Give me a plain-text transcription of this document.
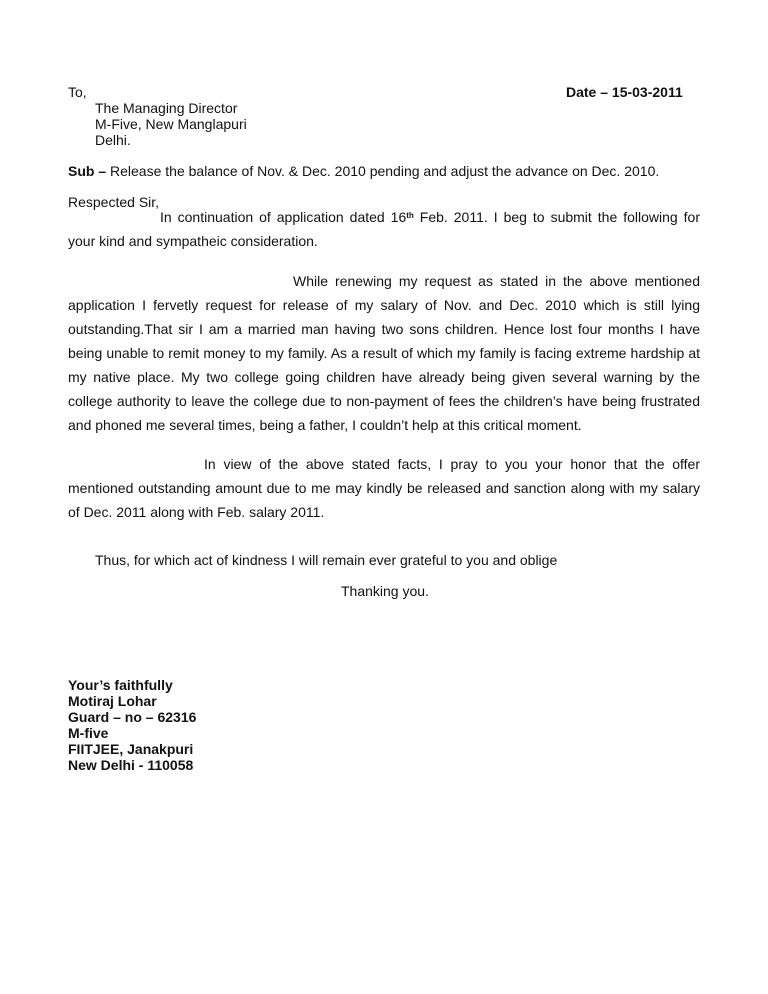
To,	Date – 15-03-2011
The Managing Director
M-Five, New Manglapuri
Delhi.
Sub – Release the balance of Nov. & Dec. 2010 pending and adjust the advance on Dec. 2010.
Respected Sir,

In continuation of application dated 16th Feb. 2011. I beg to submit the following for your kind and sympatheic consideration.

While renewing my request as stated in the above mentioned application I fervetly request for release of my salary of Nov. and Dec. 2010 which is still lying outstanding.That sir I am a married man having two sons children. Hence lost four months I have being unable to remit money to my family. As a result of which my family is facing extreme hardship at my native place. My two college going children have already being given several warning by the college authority to leave the college due to non-payment of fees the children’s have being frustrated and phoned me several times, being a father, I couldn’t help at this critical moment.

In view of the above stated facts, I pray to you your honor that the offer mentioned outstanding amount due to me may kindly be released and sanction along with my salary of Dec. 2011 along with Feb. salary 2011.

Thus, for which act of kindness I will remain ever grateful to you and oblige
Thanking you.
Your’s faithfully
Motiraj Lohar
Guard – no – 62316
M-five
FIITJEE, Janakpuri
New Delhi - 110058
